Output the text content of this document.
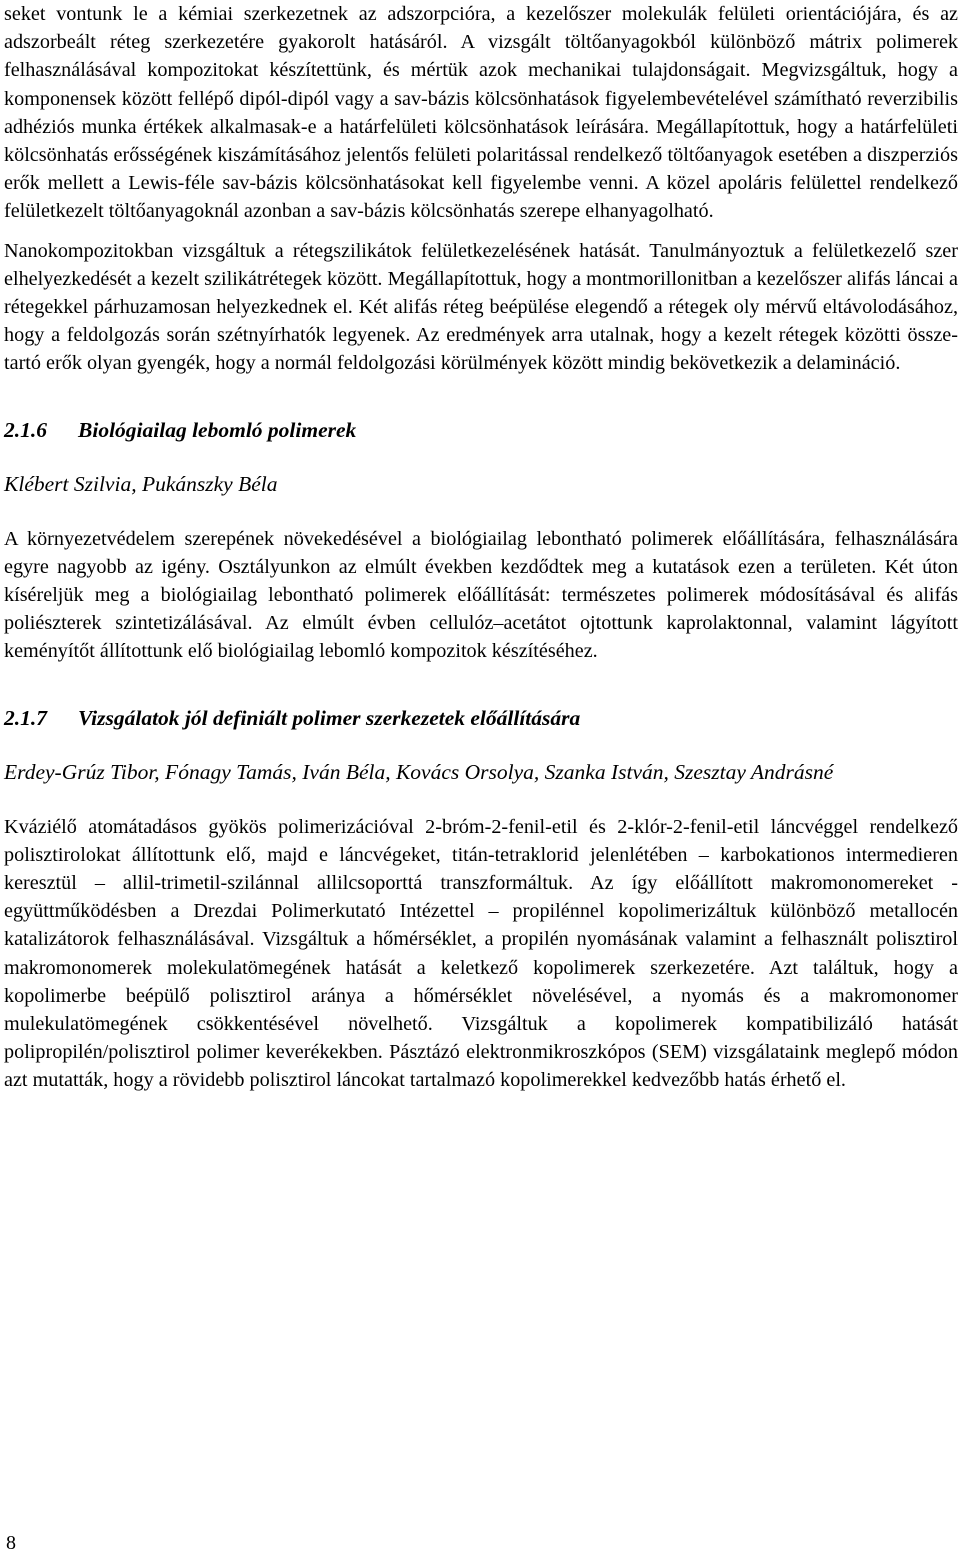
seket vontunk le a kémiai szerkezetnek az adszorpcióra, a kezelőszer molekulák felületi orientációjára, és az adszorbeált réteg szerkezetére gyakorolt hatásáról. A vizsgált töltőanyagokból különböző mátrix polimerek felhasználásával kompozitokat készítettünk, és mértük azok mechanikai tulajdonságait. Megvizsgáltuk, hogy a komponensek között fellépő dipól-dipól vagy a sav-bázis kölcsönhatások figyelembevételével számítható reverzibilis adhéziós munka értékek alkalmasak-e a határfelületi kölcsönhatások leírására. Megállapítottuk, hogy a határfelületi kölcsönhatás erősségének kiszámításához jelentős felületi polaritással rendelkező töltőanyagok esetében a diszperziós erők mellett a Lewis-féle sav-bázis kölcsönhatásokat kell figyelembe venni. A közel apoláris felülettel rendelkező felületkezelt töltőanyagoknál azonban a sav-bázis kölcsönhatás szerepe elhanyagolható.

Nanokompozitokban vizsgáltuk a rétegszilikátok felületkezelésének hatását. Tanulmányoztuk a felületkezelő szer elhelyezkedését a kezelt szilikátrétegek között. Megállapítottuk, hogy a montmorillonitban a kezelőszer alifás láncai a rétegekkel párhuzamosan helyezkednek el. Két alifás réteg beépülése elegendő a rétegek oly mérvű eltávolodásához, hogy a feldolgozás során szétnyírhatók legyenek. Az eredmények arra utalnak, hogy a kezelt rétegek közötti összetartó erők olyan gyengék, hogy a normál feldolgozási körülmények között mindig bekövetkezik a delamináció.

2.1.6 Biológiailag lebomló polimerek
Klébert Szilvia, Pukánszky Béla

A környezetvédelem szerepének növekedésével a biológiailag lebontható polimerek előállítására, felhasználására egyre nagyobb az igény. Osztályunkon az elmúlt években kezdődtek meg a kutatások ezen a területen. Két úton kíséreljük meg a biológiailag lebontható polimerek előállítását: természetes polimerek módosításával és alifás poliészterek szintetizálásával. Az elmúlt évben cellulóz–acetátot ojtottunk kaprolaktonnal, valamint lágyított keményítőt állítottunk elő biológiailag lebomló kompozitok készítéséhez.

2.1.7 Vizsgálatok jól definiált polimer szerkezetek előállítására
Erdey-Grúz Tibor, Fónagy Tamás, Iván Béla, Kovács Orsolya, Szanka István, Szesztay Andrásné

Kváziélő atomátadásos gyökös polimerizációval 2-bróm-2-fenil-etil és 2-klór-2-fenil-etil láncvéggel rendelkező polisztirolokat állítottunk elő, majd e láncvégeket, titán-tetraklorid jelenlétében – karbokationos intermedieren keresztül – allil-trimetil-szilánnal allilcsoporttá transzformáltuk. Az így előállított makromonomereket - együttműködésben a Drezdai Polimerkutató Intézettel – propilénnel kopolimerizáltuk különböző metallocén katalizátorok felhasználásával. Vizsgáltuk a hőmérséklet, a propilén nyomásának valamint a felhasznált polisztirol makromonomerek molekulatömegének hatását a keletkező kopolimerek szerkezetére. Azt találtuk, hogy a kopolimerbe beépülő polisztirol aránya a hőmérséklet növelésével, a nyomás és a makromonomer mulekulatömegének csökkentésével növelhető. Vizsgáltuk a kopolimerek kompatibilizáló hatását polipropilén/polisztirol polimer keverékekben. Pásztázó elektronmikroszkópos (SEM) vizsgálataink meglepő módon azt mutatták, hogy a rövidebb polisztirol láncokat tartalmazó kopolimerekkel kedvezőbb hatás érhető el.

8
